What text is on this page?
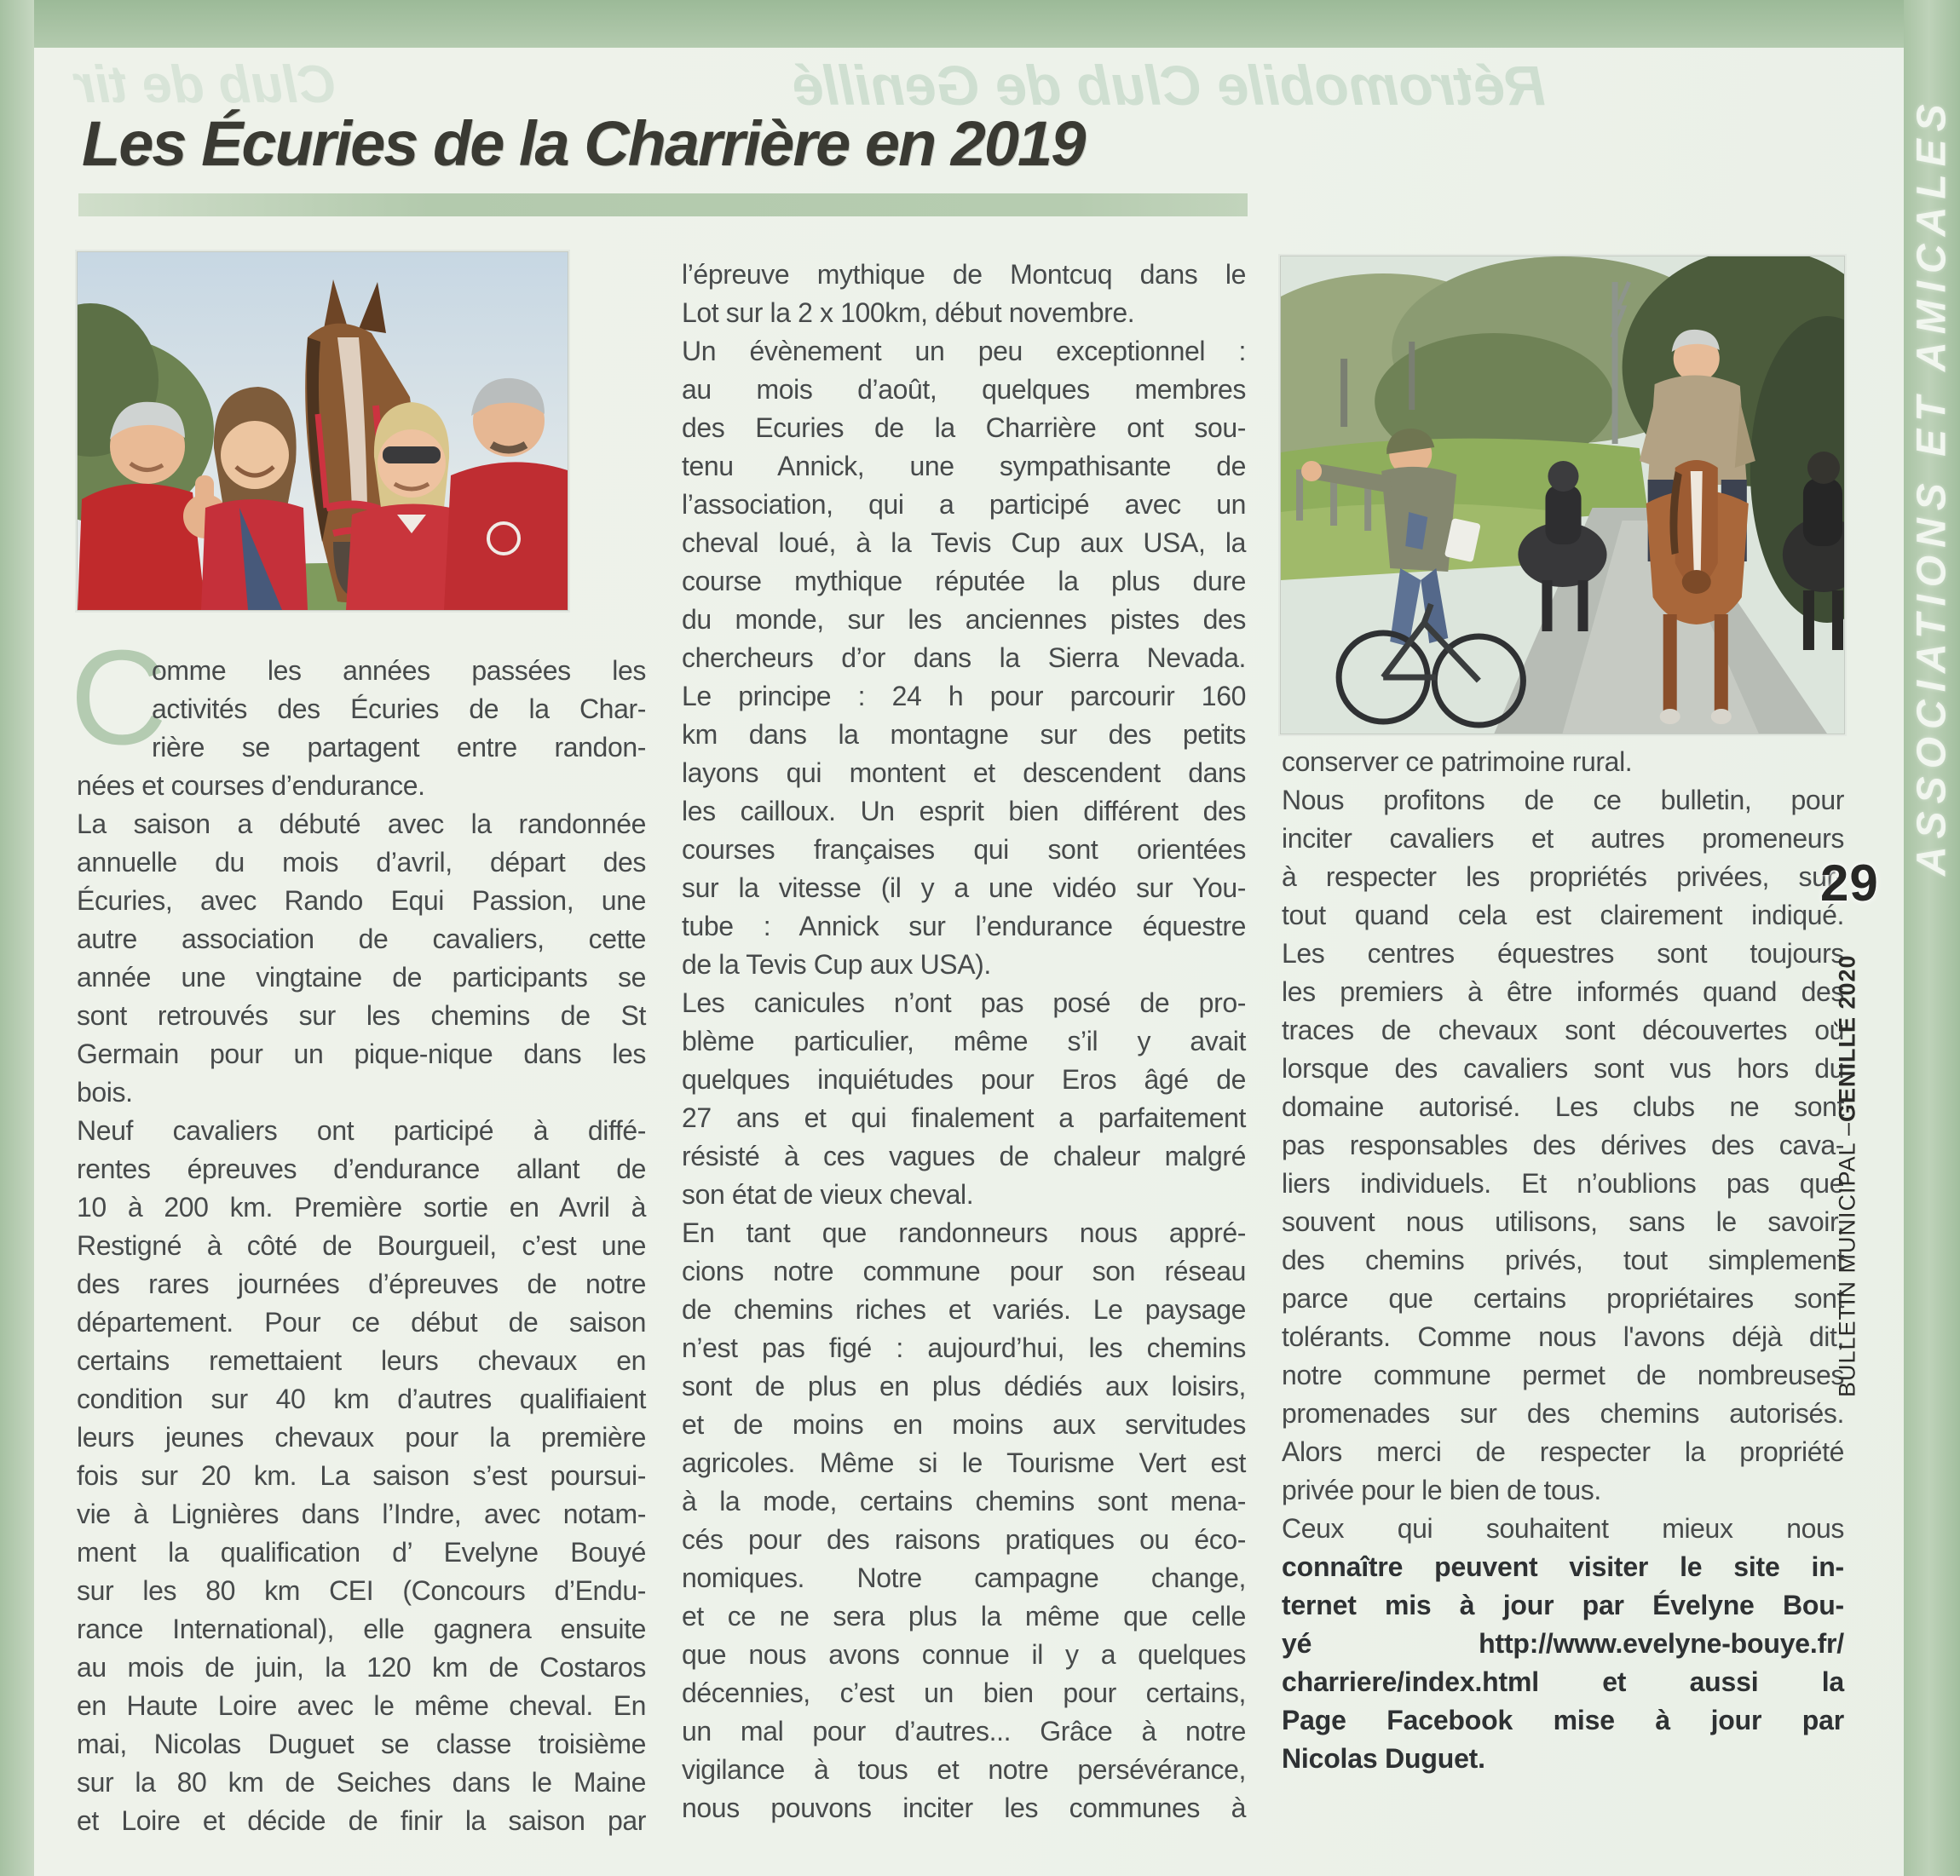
Club de tir	Rétromobile Club de Genillé
Les Écuries de la Charrière en 2019
C
omme les années passées les
activités des Écuries de la Char-
rière se partagent entre randon-
nées et courses d’endurance.
La saison a débuté avec la randonnée
annuelle du mois d’avril, départ des
Écuries, avec Rando Equi Passion, une
autre association de cavaliers, cette
année une vingtaine de participants se
sont retrouvés sur les chemins de St
Germain pour un pique-nique dans les
bois.
Neuf cavaliers ont participé à diffé-
rentes épreuves d’endurance allant de
10 à 200 km. Première sortie en Avril à
Restigné à côté de Bourgueil, c’est une
des rares journées d’épreuves de notre
département. Pour ce début de saison
certains remettaient leurs chevaux en
condition sur 40 km d’autres qualifiaient
leurs jeunes chevaux pour la première
fois sur 20 km. La saison s’est poursui-
vie à Lignières dans l’Indre, avec notam-
ment la qualification d’ Evelyne Bouyé
sur les 80 km CEI (Concours d’Endu-
rance International), elle gagnera ensuite
au mois de juin, la 120 km de Costaros
en Haute Loire avec le même cheval. En
mai, Nicolas Duguet se classe troisième
sur la 80 km de Seiches dans le Maine
et Loire et décide de finir la saison par
l’épreuve mythique de Montcuq dans le
Lot sur la 2 x 100km, début novembre.
Un évènement un peu exceptionnel :
au mois d’août, quelques membres
des Ecuries de la Charrière ont sou-
tenu Annick, une sympathisante de
l’association, qui a participé avec un
cheval loué, à la Tevis Cup aux USA, la
course mythique réputée la plus dure
du monde, sur les anciennes pistes des
chercheurs d’or dans la Sierra Nevada.
Le principe : 24 h pour parcourir 160
km dans la montagne sur des petits
layons qui montent et descendent dans
les cailloux. Un esprit bien différent des
courses françaises qui sont orientées
sur la vitesse (il y a une vidéo sur You-
tube : Annick sur l’endurance équestre
de la Tevis Cup aux USA).
Les canicules n’ont pas posé de pro-
blème particulier, même s’il y avait
quelques inquiétudes pour Eros âgé de
27 ans et qui finalement a parfaitement
résisté à ces vagues de chaleur malgré
son état de vieux cheval.
En tant que randonneurs nous appré-
cions notre commune pour son réseau
de chemins riches et variés. Le paysage
n’est pas figé : aujourd’hui, les chemins
sont de plus en plus dédiés aux loisirs,
et de moins en moins aux servitudes
agricoles. Même si le Tourisme Vert est
à la mode, certains chemins sont mena-
cés pour des raisons pratiques ou éco-
nomiques. Notre campagne change,
et ce ne sera plus la même que celle
que nous avons connue il y a quelques
décennies, c’est un bien pour certains,
un mal pour d’autres... Grâce à notre
vigilance à tous et notre persévérance,
nous pouvons inciter les communes à
conserver ce patrimoine rural.
Nous profitons de ce bulletin, pour
inciter cavaliers et autres promeneurs
à respecter les propriétés privées, sur-
tout quand cela est clairement indiqué.
Les centres équestres sont toujours
les premiers à être informés quand des
traces de chevaux sont découvertes ou
lorsque des cavaliers sont vus hors du
domaine autorisé. Les clubs ne sont
pas responsables des dérives des cava-
liers individuels. Et n’oublions pas que
souvent nous utilisons, sans le savoir,
des chemins privés, tout simplement
parce que certains propriétaires sont
tolérants. Comme nous l'avons déjà dit,
notre commune permet de nombreuses
promenades sur des chemins autorisés.
Alors merci de respecter la propriété
privée pour le bien de tous.
Ceux qui souhaitent mieux nous
connaître peuvent visiter le site in-
ternet mis à jour par Évelyne Bou-
yé http://www.evelyne-bouye.fr/
charriere/index.html et aussi la
Page Facebook mise à jour par
Nicolas Duguet.
29
BULLETIN MUNICIPAL –
GENILLÉ 2020
ASSOCIATIONS ET AMICALES
